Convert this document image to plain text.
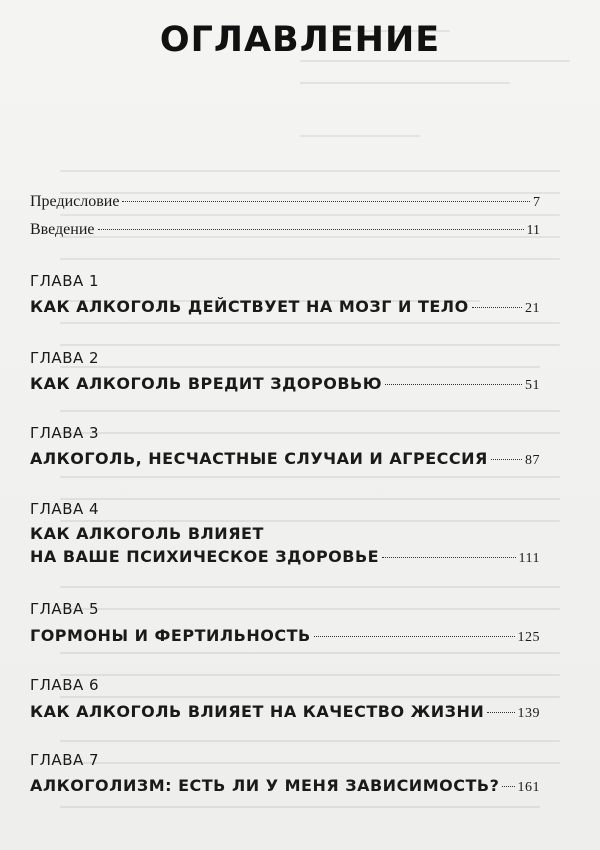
ОГЛАВЛЕНИЕ
Предисловие	7
Введение	11
ГЛАВА 1
КАК АЛКОГОЛЬ ДЕЙСТВУЕТ НА МОЗГ И ТЕЛО	21
ГЛАВА 2
КАК АЛКОГОЛЬ ВРЕДИТ ЗДОРОВЬЮ	51
ГЛАВА 3
АЛКОГОЛЬ, НЕСЧАСТНЫЕ СЛУЧАИ И АГРЕССИЯ	87
ГЛАВА 4
КАК АЛКОГОЛЬ ВЛИЯЕТ
НА ВАШЕ ПСИХИЧЕСКОЕ ЗДОРОВЬЕ	111
ГЛАВА 5
ГОРМОНЫ И ФЕРТИЛЬНОСТЬ	125
ГЛАВА 6
КАК АЛКОГОЛЬ ВЛИЯЕТ НА КАЧЕСТВО ЖИЗНИ 139
ГЛАВА 7
АЛКОГОЛИЗМ: ЕСТЬ ЛИ У МЕНЯ ЗАВИСИМОСТЬ? 161
